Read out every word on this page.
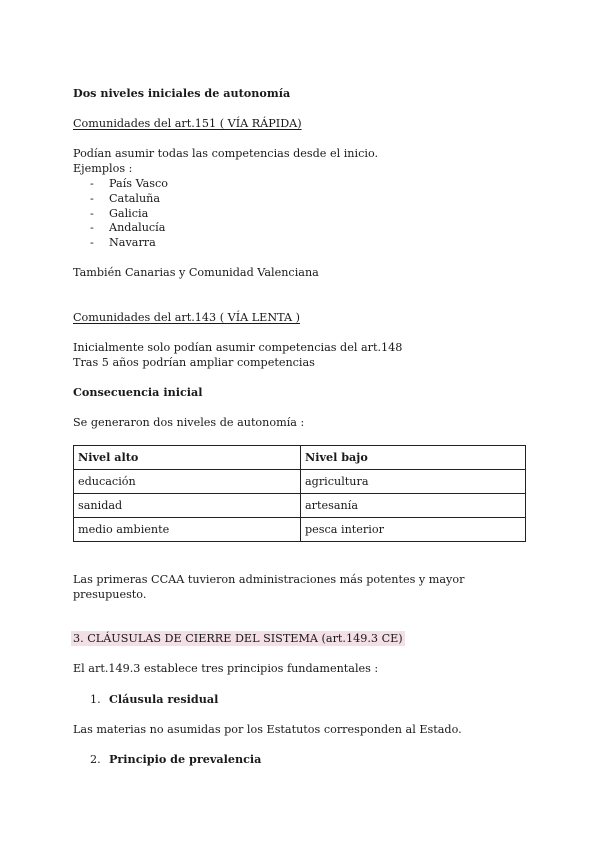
Dos niveles iniciales de autonomía
Comunidades del art.151 ( VÍA RÁPIDA)
Podían asumir todas las competencias desde el inicio.
Ejemplos :
- País Vasco
- Cataluña
- Galicia
- Andalucía
- Navarra
También Canarias y Comunidad Valenciana
Comunidades del art.143 ( VÍA LENTA )
Inicialmente solo podían asumir competencias del art.148
Tras 5 años podrían ampliar competencias
Consecuencia inicial
Se generaron dos niveles de autonomía :
Nivel alto	Nivel bajo
educación	agricultura
sanidad	artesanía
medio ambiente	pesca interior
Las primeras CCAA tuvieron administraciones más potentes y mayor
presupuesto.
3. CLÁUSULAS DE CIERRE DEL SISTEMA (art.149.3 CE)
El art.149.3 establece tres principios fundamentales :
1. Cláusula residual
Las materias no asumidas por los Estatutos corresponden al Estado.
2. Principio de prevalencia
